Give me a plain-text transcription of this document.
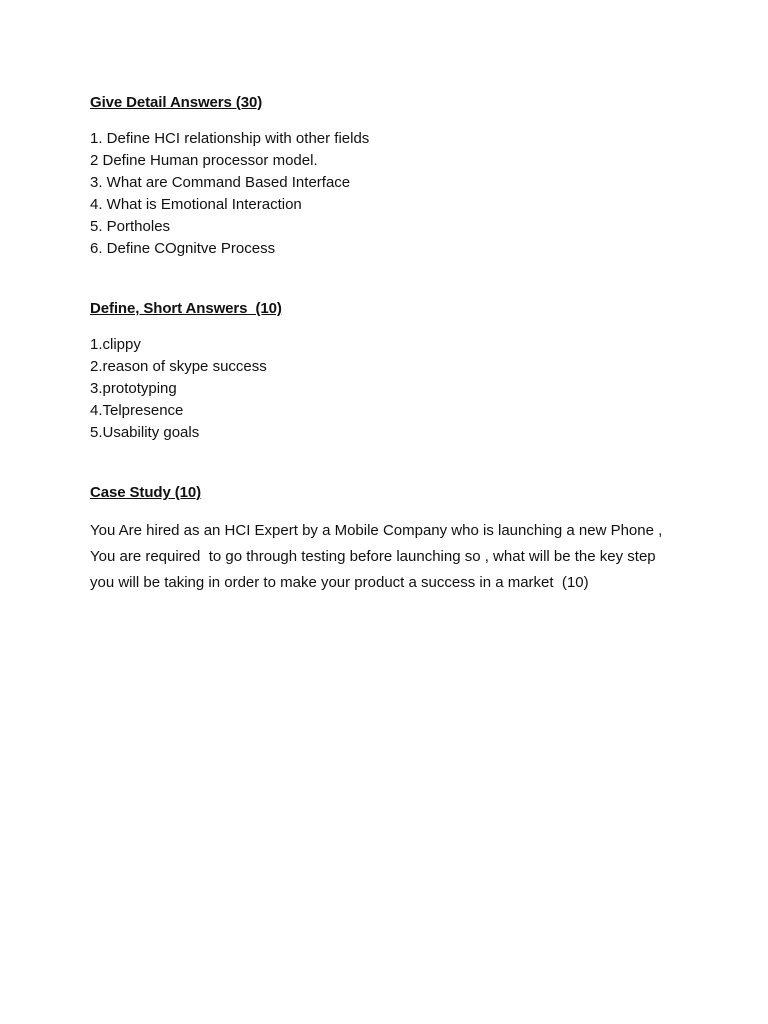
Give Detail Answers (30)

1. Define HCI relationship with other fields
2 Define Human processor model.
3. What are Command Based Interface
4. What is Emotional Interaction
5. Portholes
6. Define COgnitve Process

Define, Short Answers  (10)

1.clippy
2.reason of skype success
3.prototyping
4.Telpresence
5.Usability goals

Case Study (10)

You Are hired as an HCI Expert by a Mobile Company who is launching a new Phone , You are required  to go through testing before launching so , what will be the key step you will be taking in order to make your product a success in a market  (10)
